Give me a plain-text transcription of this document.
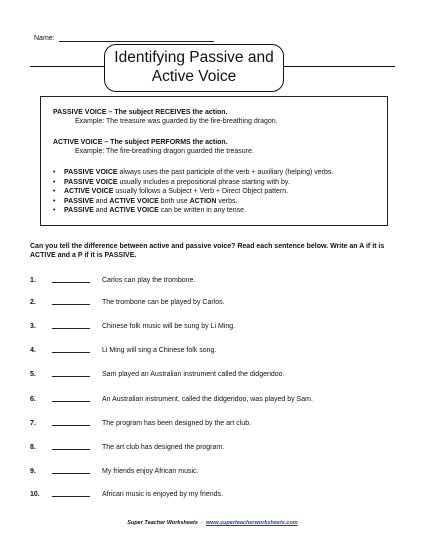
Name:
Identifying Passive and
Active Voice
PASSIVE VOICE – The subject RECEIVES the action.
Example: The treasure was guarded by the fire-breathing dragon.
ACTIVE VOICE – The subject PERFORMS the action.
Example: The fire-breathing dragon guarded the treasure.
• PASSIVE VOICE always uses the past participle of the verb + auxiliary (helping) verbs.
• PASSIVE VOICE usually includes a prepositional phrase starting with by.
• ACTIVE VOICE usually follows a Subject + Verb + Direct Object pattern.
• PASSIVE and ACTIVE VOICE both use ACTION verbs.
• PASSIVE and ACTIVE VOICE can be written in any tense.
Can you tell the difference between active and passive voice? Read each sentence below. Write an A if it is ACTIVE and a P if it is PASSIVE.
1.	Carlos can play the trombone.
2.	The trombone can be played by Carlos.
3.	Chinese folk music will be sung by Li Ming.
4.	Li Ming will sing a Chinese folk song.
5.	Sam played an Australian instrument called the didgeridoo.
6.	An Australian instrument, called the didgeridoo, was played by Sam.
7.	The program has been designed by the art club.
8.	The art club has designed the program.
9.	My friends enjoy African music.
10.	African music is enjoyed by my friends.
Super Teacher Worksheets  -  www.superteacherworksheets.com
